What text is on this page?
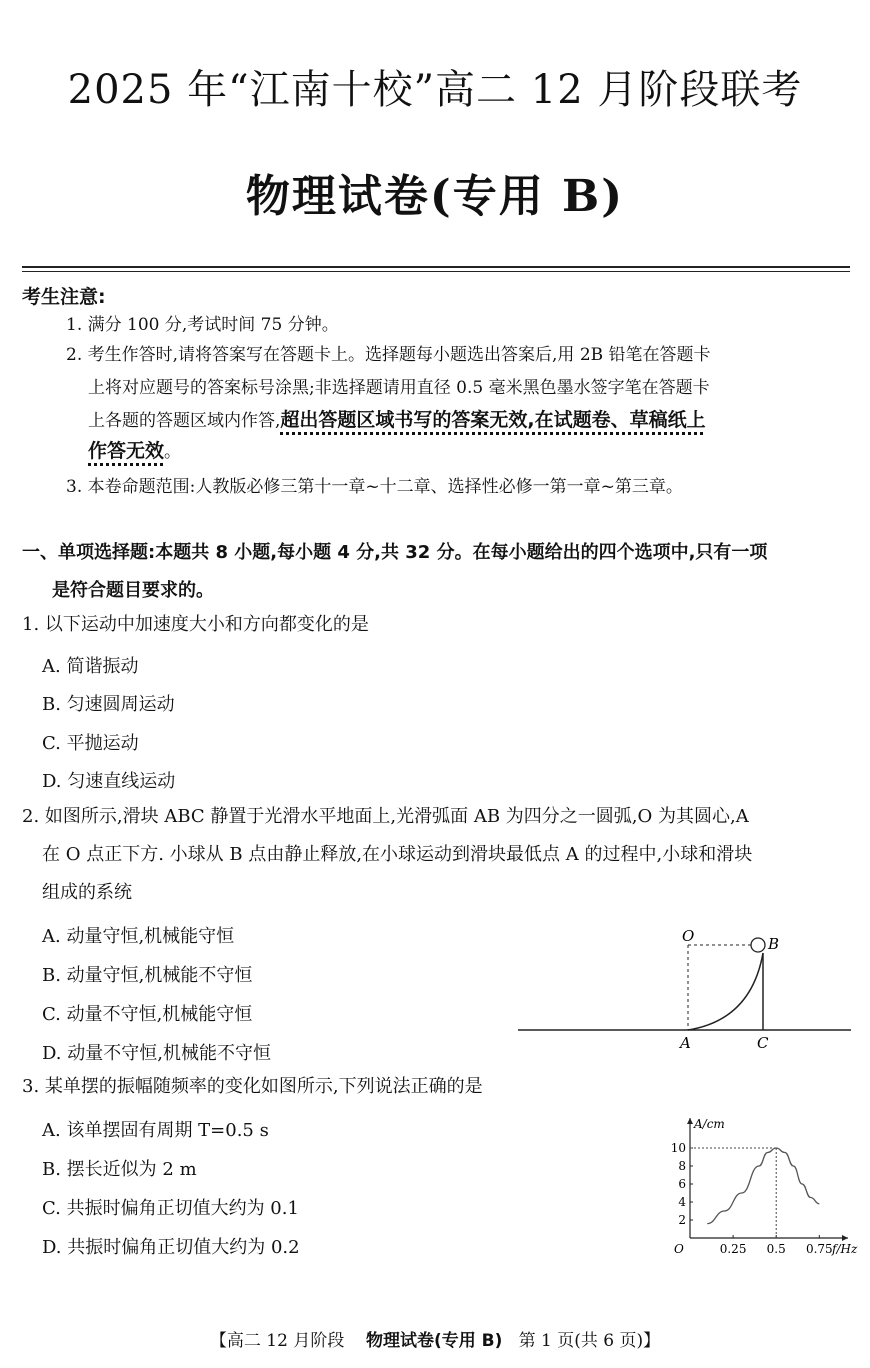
2025 年“江南十校”高二 12 月阶段联考
物理试卷(专用 B)
考生注意:
1. 满分 100 分,考试时间 75 分钟。
2. 考生作答时,请将答案写在答题卡上。选择题每小题选出答案后,用 2B 铅笔在答题卡
上将对应题号的答案标号涂黑;非选择题请用直径 0.5 毫米黑色墨水签字笔在答题卡
上各题的答题区域内作答,超出答题区域书写的答案无效,在试题卷、草稿纸上
作答无效。
3. 本卷命题范围:人教版必修三第十一章~十二章、选择性必修一第一章~第三章。
一、单项选择题:本题共 8 小题,每小题 4 分,共 32 分。在每小题给出的四个选项中,只有一项
是符合题目要求的。
1. 以下运动中加速度大小和方向都变化的是
A. 简谐振动
B. 匀速圆周运动
C. 平抛运动
D. 匀速直线运动
2. 如图所示,滑块 ABC 静置于光滑水平地面上,光滑弧面 AB 为四分之一圆弧,O 为其圆心,A
在 O 点正下方. 小球从 B 点由静止释放,在小球运动到滑块最低点 A 的过程中,小球和滑块
组成的系统
A. 动量守恒,机械能守恒
B. 动量守恒,机械能不守恒
C. 动量不守恒,机械能守恒
D. 动量不守恒,机械能不守恒
O	B
A	C
3. 某单摆的振幅随频率的变化如图所示,下列说法正确的是
A. 该单摆固有周期 T=0.5 s
B. 摆长近似为 2 m
C. 共振时偏角正切值大约为 0.1
D. 共振时偏角正切值大约为 0.2
A/cm
f/Hz
O	0.25 0.5 0.75
2
4
6
8
10
【高二 12 月阶段 物理试卷(专用 B) 第 1 页(共 6 页)】
